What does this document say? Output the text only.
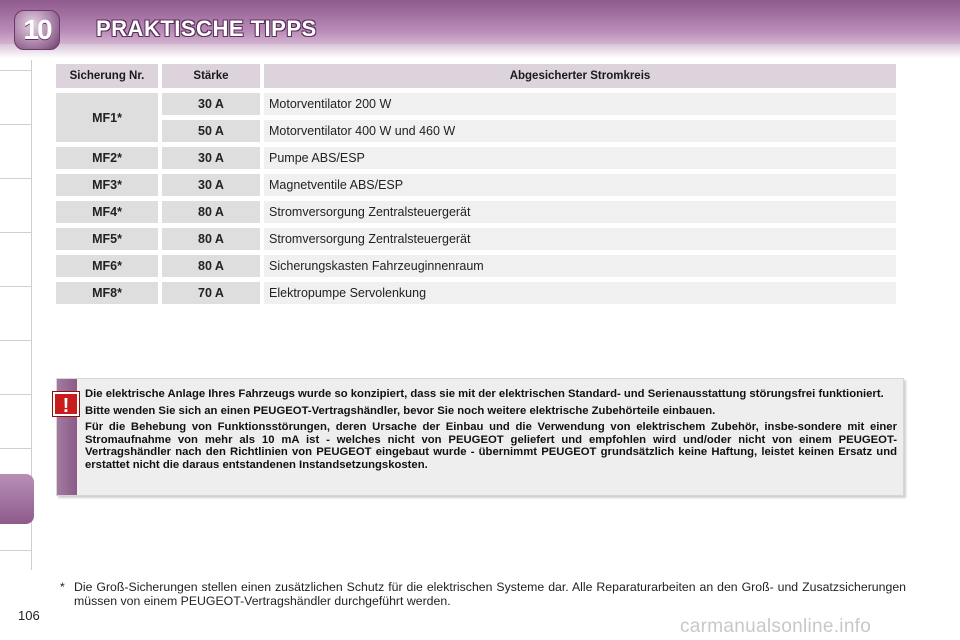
10	PRAKTISCHE TIPPS
Sicherung Nr.	Stärke	Abgesicherter Stromkreis
MF1*	30 A	Motorventilator 200 W
	50 A	Motorventilator 400 W und 460 W
MF2*	30 A	Pumpe ABS/ESP
MF3*	30 A	Magnetventile ABS/ESP
MF4*	80 A	Stromversorgung Zentralsteuergerät
MF5*	80 A	Stromversorgung Zentralsteuergerät
MF6*	80 A	Sicherungskasten Fahrzeuginnenraum
MF8*	70 A	Elektropumpe Servolenkung
!

Die elektrische Anlage Ihres Fahrzeugs wurde so konzipiert, dass sie mit der elektrischen Standard- und Serienausstattung störungsfrei funktioniert.

Bitte wenden Sie sich an einen PEUGEOT-Vertragshändler, bevor Sie noch weitere elektrische Zubehörteile einbauen.

Für die Behebung von Funktionsstörungen, deren Ursache der Einbau und die Verwendung von elektrischem Zubehör, insbe-sondere mit einer Stromaufnahme von mehr als 10 mA ist - welches nicht von PEUGEOT geliefert und empfohlen wird und/oder nicht von einem PEUGEOT-Vertragshändler nach den Richtlinien von PEUGEOT eingebaut wurde - übernimmt PEUGEOT grundsätzlich keine Haftung, leistet keinen Ersatz und erstattet nicht die daraus entstandenen Instandsetzungskosten.

* Die Groß-Sicherungen stellen einen zusätzlichen Schutz für die elektrischen Systeme dar. Alle Reparaturarbeiten an den Groß- und Zusatzsicherungen müssen von einem PEUGEOT-Vertragshändler durchgeführt werden.
106
carmanualsonline.info
